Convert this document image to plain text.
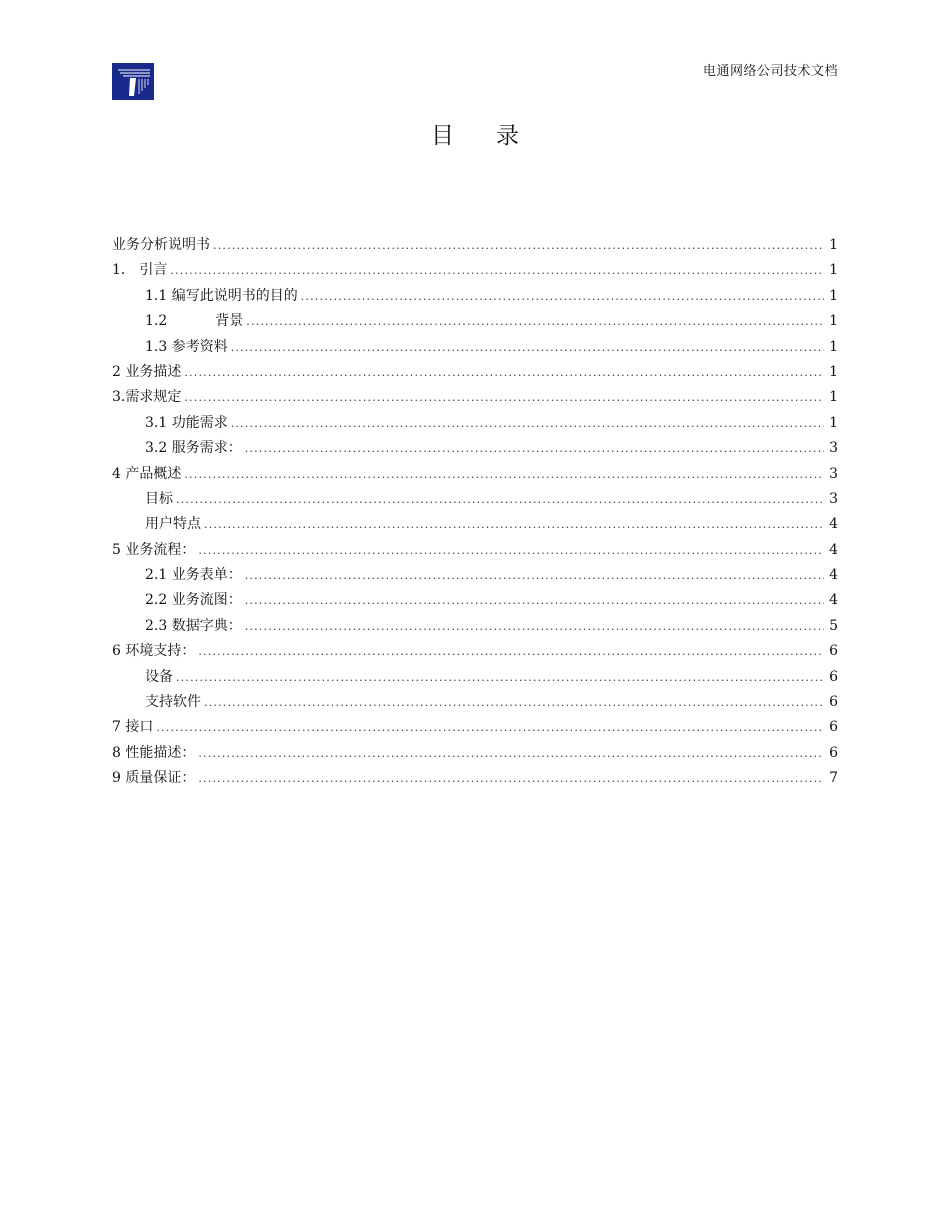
电通网络公司技术文档
目录
业务分析说明书 .....	1
1． 引言 .....	1
1.1 编写此说明书的目的 .....	1
1.2	背景 .....	1
1.3 参考资料 .....	1
2 业务描述 .....	1
3.需求规定 .....	1
3.1 功能需求 .....	1
3.2 服务需求： .....	3
4 产品概述 .....	3
目标 .....	3
用户特点 .....	4
5 业务流程： .....	4
2.1 业务表单： .....	4
2.2 业务流图： .....	4
2.3 数据字典： .....	5
6 环境支持： .....	6
设备 .....	6
支持软件 .....	6
7 接口 .....	6
8 性能描述： .....	6
9 质量保证： .....	7
